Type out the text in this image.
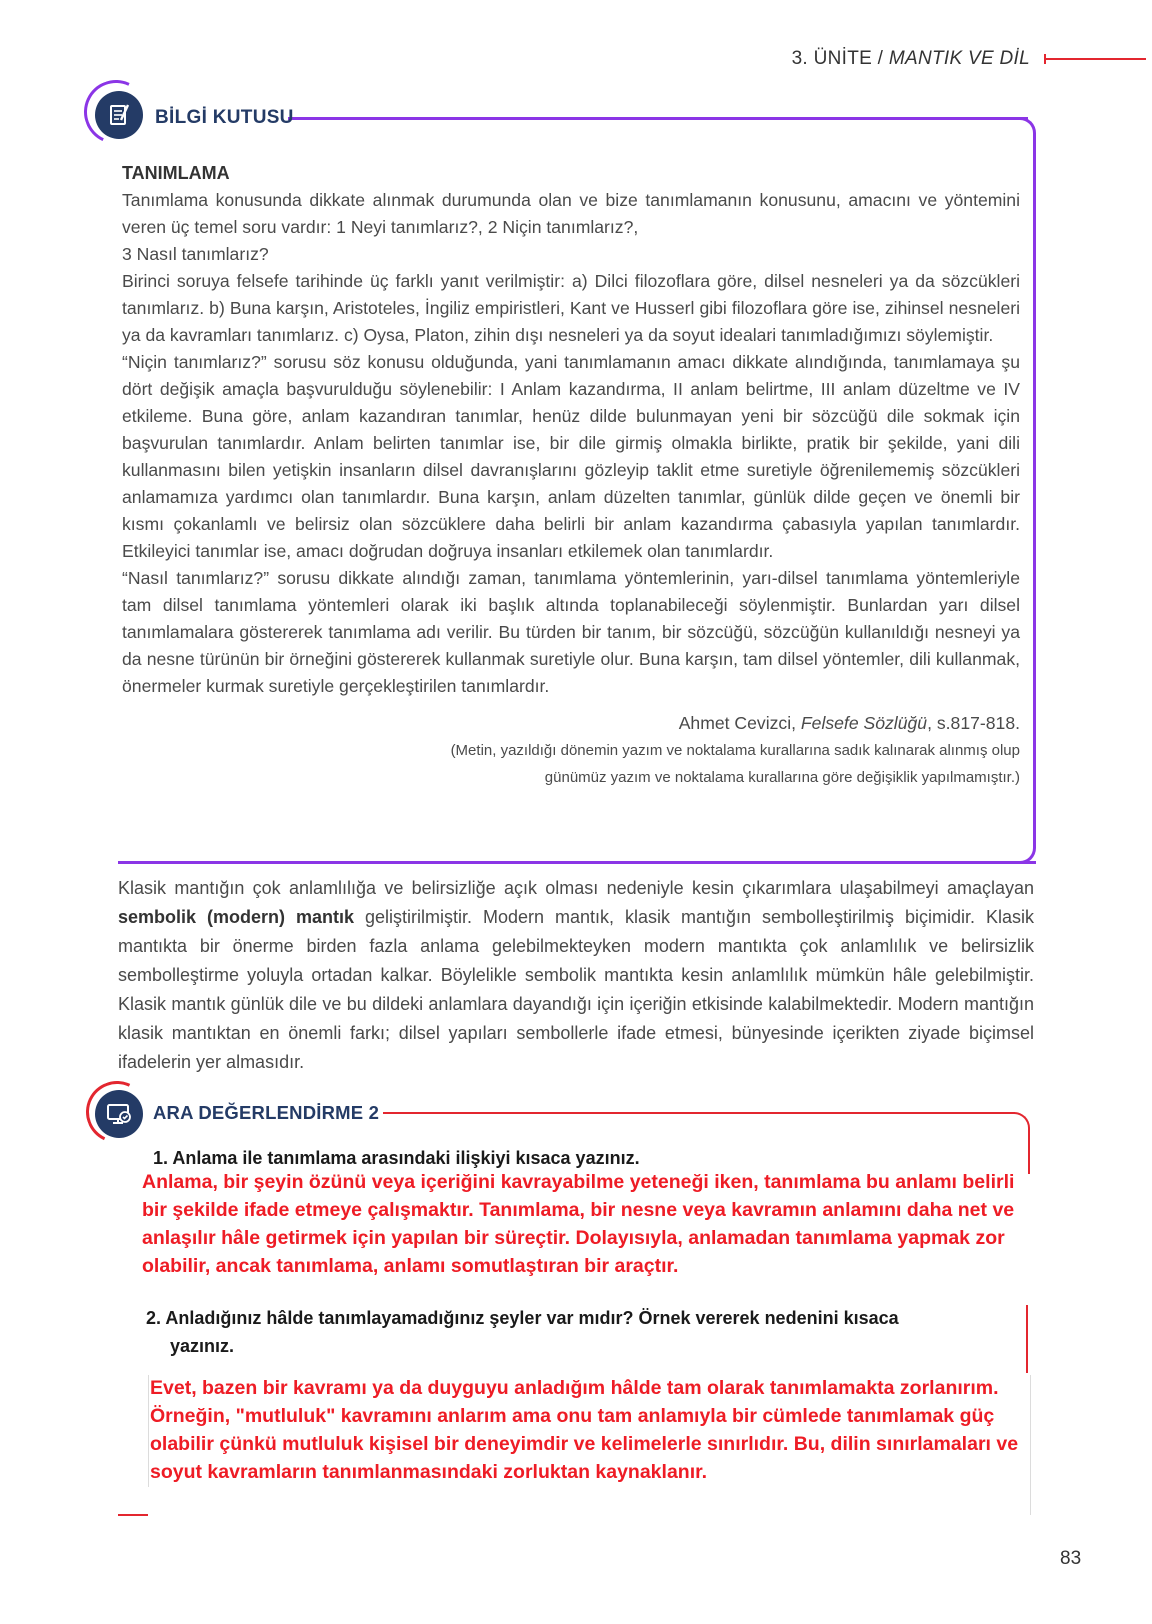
3. ÜNİTE / MANTIK VE DİL
BİLGİ KUTUSU

TANIMLAMA

Tanımlama konusunda dikkate alınmak durumunda olan ve bize tanımlamanın konusunu, amacını ve yöntemini veren üç temel soru vardır: 1 Neyi tanımlarız?, 2 Niçin tanımlarız?,

3 Nasıl tanımlarız?

Birinci soruya felsefe tarihinde üç farklı yanıt verilmiştir: a) Dilci filozoflara göre, dilsel nesneleri ya da sözcükleri tanımlarız. b) Buna karşın, Aristoteles, İngiliz empiristleri, Kant ve Husserl gibi filozoflara göre ise, zihinsel nesneleri ya da kavramları tanımlarız. c) Oysa, Platon, zihin dışı nesneleri ya da soyut idealari tanımladığımızı söylemiştir.

“Niçin tanımlarız?” sorusu söz konusu olduğunda, yani tanımlamanın amacı dikkate alındığında, tanımlamaya şu dört değişik amaçla başvurulduğu söylenebilir: I Anlam kazandırma, II anlam belirtme, III anlam düzeltme ve IV etkileme. Buna göre, anlam kazandıran tanımlar, henüz dilde bulunmayan yeni bir sözcüğü dile sokmak için başvurulan tanımlardır. Anlam belirten tanımlar ise, bir dile girmiş olmakla birlikte, pratik bir şekilde, yani dili kullanmasını bilen yetişkin insanların dilsel davranışlarını gözleyip taklit etme suretiyle öğrenilememiş sözcükleri anlamamıza yardımcı olan tanımlardır. Buna karşın, anlam düzelten tanımlar, günlük dilde geçen ve önemli bir kısmı çokanlamlı ve belirsiz olan sözcüklere daha belirli bir anlam kazandırma çabasıyla yapılan tanımlardır. Etkileyici tanımlar ise, amacı doğrudan doğruya insanları etkilemek olan tanımlardır.

“Nasıl tanımlarız?” sorusu dikkate alındığı zaman, tanımlama yöntemlerinin, yarı-dilsel tanımlama yöntemleriyle tam dilsel tanımlama yöntemleri olarak iki başlık altında toplanabileceği söylenmiştir. Bunlardan yarı dilsel tanımlamalara göstererek tanımlama adı verilir. Bu türden bir tanım, bir sözcüğü, sözcüğün kullanıldığı nesneyi ya da nesne türünün bir örneğini göstererek kullanmak suretiyle olur. Buna karşın, tam dilsel yöntemler, dili kullanmak, önermeler kurmak suretiyle gerçekleştirilen tanımlardır.

Ahmet Cevizci, Felsefe Sözlüğü, s.817-818.

(Metin, yazıldığı dönemin yazım ve noktalama kurallarına sadık kalınarak alınmış olup
günümüz yazım ve noktalama kurallarına göre değişiklik yapılmamıştır.)
Klasik mantığın çok anlamlılığa ve belirsizliğe açık olması nedeniyle kesin çıkarımlara ulaşabilmeyi amaçlayan sembolik (modern) mantık geliştirilmiştir. Modern mantık, klasik mantığın sembolleştirilmiş biçimidir. Klasik mantıkta bir önerme birden fazla anlama gelebilmekteyken modern mantıkta çok anlamlılık ve belirsizlik sembolleştirme yoluyla ortadan kalkar. Böylelikle sembolik mantıkta kesin anlamlılık mümkün hâle gelebilmiştir. Klasik mantık günlük dile ve bu dildeki anlamlara dayandığı için içeriğin etkisinde kalabilmektedir. Modern mantığın klasik mantıktan en önemli farkı; dilsel yapıları sembollerle ifade etmesi, bünyesinde içerikten ziyade biçimsel ifadelerin yer almasıdır.
ARA DEĞERLENDİRME 2
1. Anlama ile tanımlama arasındaki ilişkiyi kısaca yazınız.
Anlama, bir şeyin özünü veya içeriğini kavrayabilme yeteneği iken, tanımlama bu anlamı belirli bir şekilde ifade etmeye çalışmaktır. Tanımlama, bir nesne veya kavramın anlamını daha net ve anlaşılır hâle getirmek için yapılan bir süreçtir. Dolayısıyla, anlamadan tanımlama yapmak zor olabilir, ancak tanımlama, anlamı somutlaştıran bir araçtır.
2. Anladığınız hâlde tanımlayamadığınız şeyler var mıdır? Örnek vererek nedenini kısaca
yazınız.
Evet, bazen bir kavramı ya da duyguyu anladığım hâlde tam olarak tanımlamakta zorlanırım. Örneğin, "mutluluk" kavramını anlarım ama onu tam anlamıyla bir cümlede tanımlamak güç olabilir çünkü mutluluk kişisel bir deneyimdir ve kelimelerle sınırlıdır. Bu, dilin sınırlamaları ve soyut kavramların tanımlanmasındaki zorluktan kaynaklanır.
83
